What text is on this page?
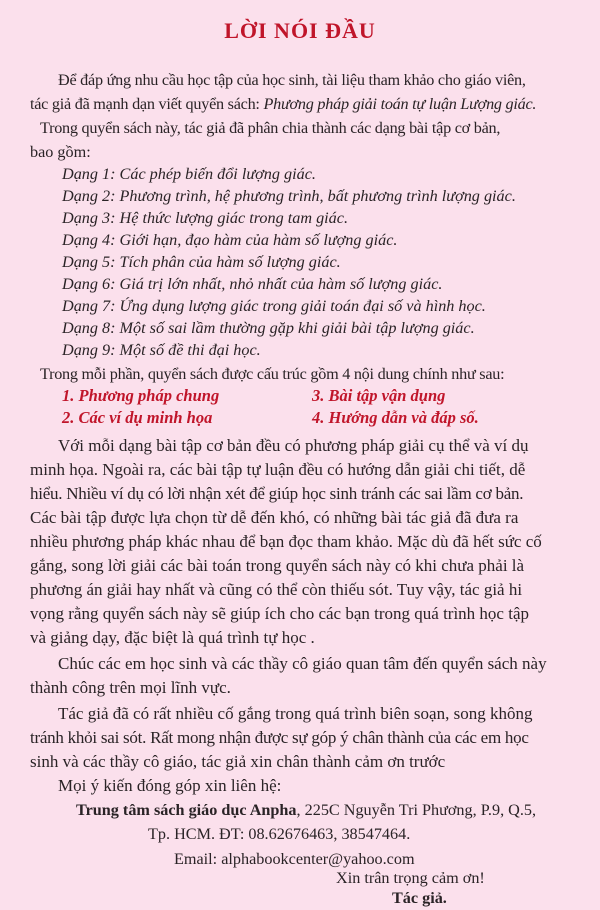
LỜI NÓI ĐẦU
Để đáp ứng nhu cầu học tập của học sinh, tài liệu tham khảo cho giáo viên,
tác giả đã mạnh dạn viết quyển sách: Phương pháp giải toán tự luận Lượng giác.
Trong quyển sách này, tác giả đã phân chia thành các dạng bài tập cơ bản,
bao gồm:
Dạng 1: Các phép biến đổi lượng giác.
Dạng 2: Phương trình, hệ phương trình, bất phương trình lượng giác.
Dạng 3: Hệ thức lượng giác trong tam giác.
Dạng 4: Giới hạn, đạo hàm của hàm số lượng giác.
Dạng 5: Tích phân của hàm số lượng giác.
Dạng 6: Giá trị lớn nhất, nhỏ nhất của hàm số lượng giác.
Dạng 7: Ứng dụng lượng giác trong giải toán đại số và hình học.
Dạng 8: Một số sai lầm thường gặp khi giải bài tập lượng giác.
Dạng 9: Một số đề thi đại học.
Trong mỗi phần, quyển sách được cấu trúc gồm 4 nội dung chính như sau:
1. Phương pháp chung	3. Bài tập vận dụng
2. Các ví dụ minh họa	4. Hướng dẫn và đáp số.
Với mỗi dạng bài tập cơ bản đều có phương pháp giải cụ thể và ví dụ
minh họa. Ngoài ra, các bài tập tự luận đều có hướng dẫn giải chi tiết, dễ
hiểu. Nhiều ví dụ có lời nhận xét để giúp học sinh tránh các sai lầm cơ bản.
Các bài tập được lựa chọn từ dễ đến khó, có những bài tác giả đã đưa ra
nhiều phương pháp khác nhau để bạn đọc tham khảo. Mặc dù đã hết sức cố
gắng, song lời giải các bài toán trong quyển sách này có khi chưa phải là
phương án giải hay nhất và cũng có thể còn thiếu sót. Tuy vậy, tác giả hi
vọng rằng quyển sách này sẽ giúp ích cho các bạn trong quá trình học tập
và giảng dạy, đặc biệt là quá trình tự học .
Chúc các em học sinh và các thầy cô giáo quan tâm đến quyển sách này
thành công trên mọi lĩnh vực.
Tác giả đã có rất nhiều cố gắng trong quá trình biên soạn, song không
tránh khỏi sai sót. Rất mong nhận được sự góp ý chân thành của các em học
sinh và các thầy cô giáo, tác giả xin chân thành cảm ơn trước
Mọi ý kiến đóng góp xin liên hệ:
Trung tâm sách giáo dục Anpha, 225C Nguyễn Tri Phương, P.9, Q.5,
Tp. HCM. ĐT: 08.62676463, 38547464.
Email: alphabookcenter@yahoo.com
Xin trân trọng cảm ơn!
Tác giả.
